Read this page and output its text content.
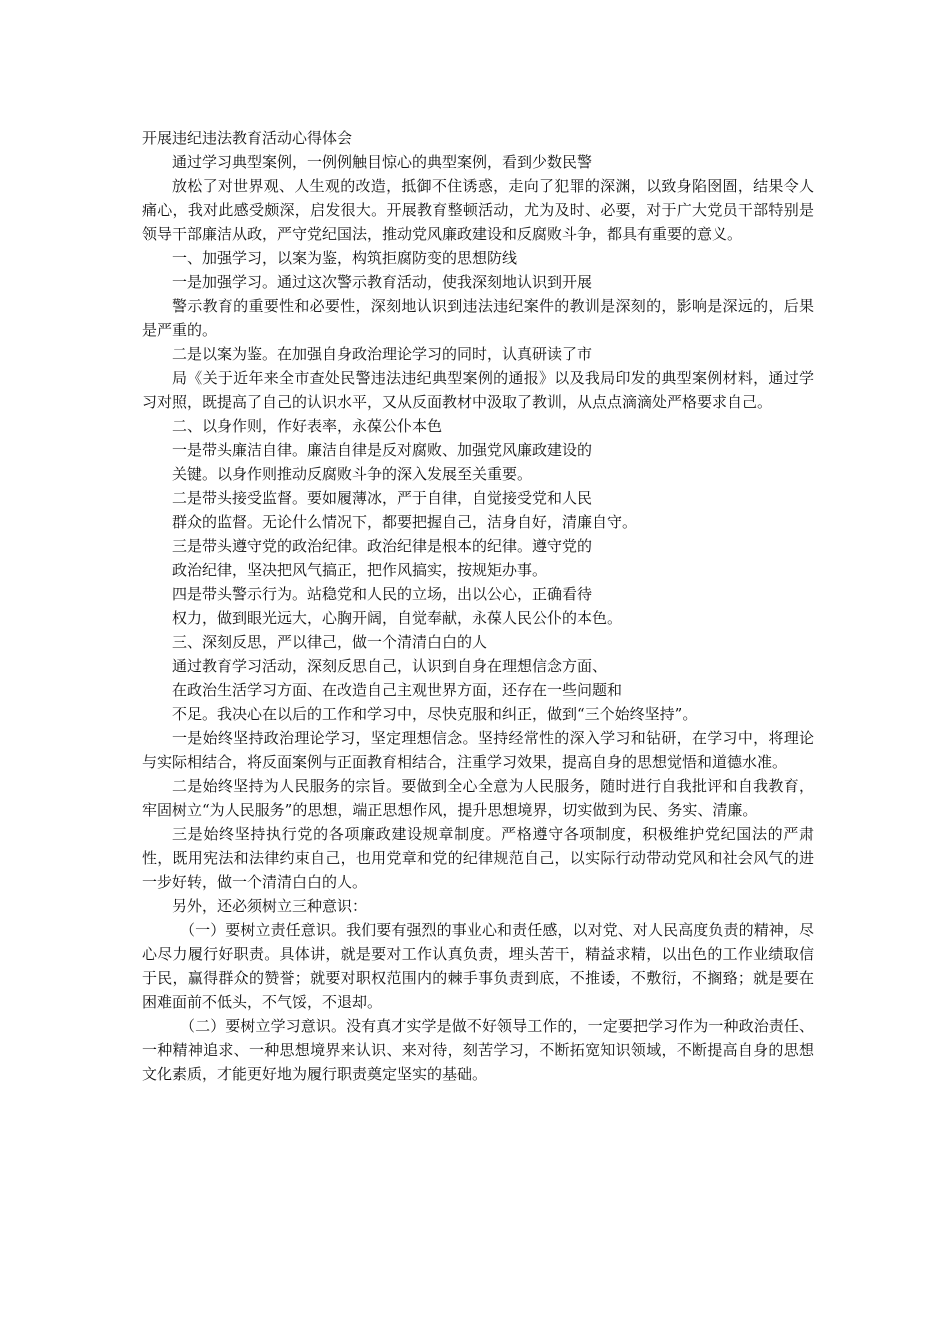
开展违纪违法教育活动心得体会

通过学习典型案例，一例例触目惊心的典型案例，看到少数民警

放松了对世界观、人生观的改造，抵御不住诱惑，走向了犯罪的深渊，以致身陷囹圄，结果令人痛心，我对此感受颇深，启发很大。开展教育整顿活动，尤为及时、必要，对于广大党员干部特别是领导干部廉洁从政，严守党纪国法，推动党风廉政建设和反腐败斗争，都具有重要的意义。

一、加强学习，以案为鉴，构筑拒腐防变的思想防线

一是加强学习。通过这次警示教育活动，使我深刻地认识到开展

警示教育的重要性和必要性，深刻地认识到违法违纪案件的教训是深刻的，影响是深远的，后果是严重的。

二是以案为鉴。在加强自身政治理论学习的同时，认真研读了市

局《关于近年来全市查处民警违法违纪典型案例的通报》以及我局印发的典型案例材料，通过学习对照，既提高了自己的认识水平，又从反面教材中汲取了教训，从点点滴滴处严格要求自己。

二、以身作则，作好表率，永葆公仆本色

一是带头廉洁自律。廉洁自律是反对腐败、加强党风廉政建设的

关键。以身作则推动反腐败斗争的深入发展至关重要。

二是带头接受监督。要如履薄冰，严于自律，自觉接受党和人民

群众的监督。无论什么情况下，都要把握自己，洁身自好，清廉自守。

三是带头遵守党的政治纪律。政治纪律是根本的纪律。遵守党的

政治纪律，坚决把风气搞正，把作风搞实，按规矩办事。

四是带头警示行为。站稳党和人民的立场，出以公心，正确看待

权力，做到眼光远大，心胸开阔，自觉奉献，永葆人民公仆的本色。

三、深刻反思，严以律己，做一个清清白白的人

通过教育学习活动，深刻反思自己，认识到自身在理想信念方面、

在政治生活学习方面、在改造自己主观世界方面，还存在一些问题和

不足。我决心在以后的工作和学习中，尽快克服和纠正，做到“三个始终坚持”。

一是始终坚持政治理论学习，坚定理想信念。坚持经常性的深入学习和钻研，在学习中，将理论与实际相结合，将反面案例与正面教育相结合，注重学习效果，提高自身的思想觉悟和道德水准。

二是始终坚持为人民服务的宗旨。要做到全心全意为人民服务，随时进行自我批评和自我教育，牢固树立“为人民服务”的思想，端正思想作风，提升思想境界，切实做到为民、务实、清廉。

三是始终坚持执行党的各项廉政建设规章制度。严格遵守各项制度，积极维护党纪国法的严肃性，既用宪法和法律约束自己，也用党章和党的纪律规范自己，以实际行动带动党风和社会风气的进一步好转，做一个清清白白的人。

另外，还必须树立三种意识：

（一）要树立责任意识。我们要有强烈的事业心和责任感，以对党、对人民高度负责的精神，尽心尽力履行好职责。具体讲，就是要对工作认真负责，埋头苦干，精益求精，以出色的工作业绩取信于民，赢得群众的赞誉；就要对职权范围内的棘手事负责到底，不推诿，不敷衍，不搁臵；就是要在困难面前不低头，不气馁，不退却。

（二）要树立学习意识。没有真才实学是做不好领导工作的，一定要把学习作为一种政治责任、一种精神追求、一种思想境界来认识、来对待，刻苦学习，不断拓宽知识领域，不断提高自身的思想文化素质，才能更好地为履行职责奠定坚实的基础。
